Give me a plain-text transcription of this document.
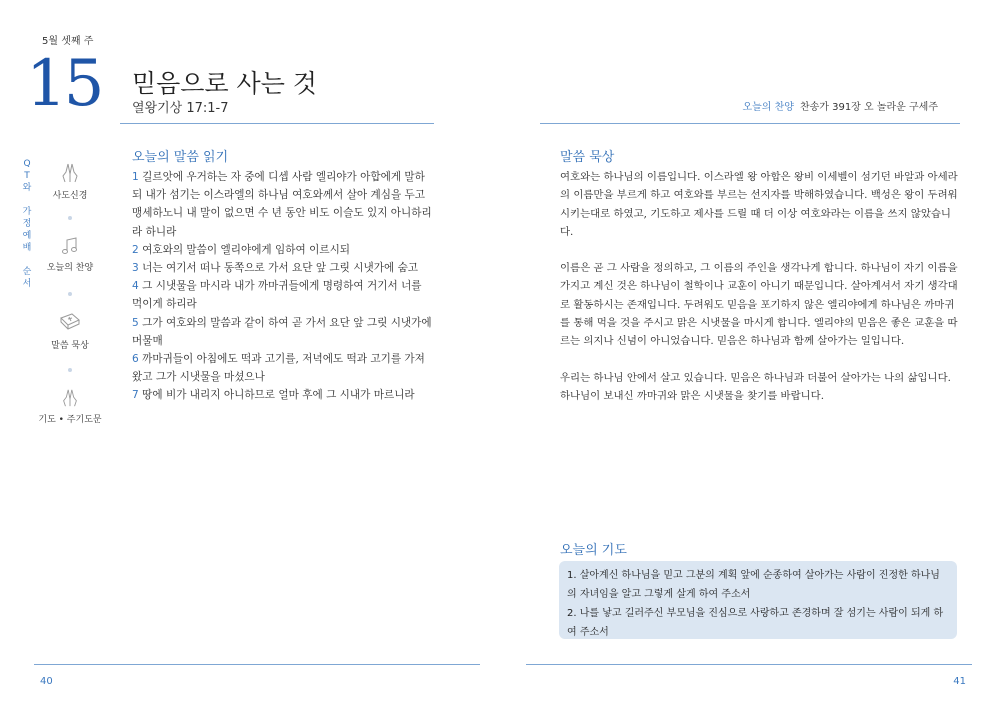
5월 셋째 주
15 믿음으로 사는 것
열왕기상 17:1-7	오늘의 찬양 찬송가 391장 오 놀라운 구세주
Q
T
와

가
정
예
배

순
서
사도신경
오늘의 찬양
말씀 묵상
기도 • 주기도문
오늘의 말씀 읽기
1 길르앗에 우거하는 자 중에 디셉 사람 엘리야가 아합에게 말하되 내가 섬기는 이스라엘의 하나님 여호와께서 살아 계심을 두고 맹세하노니 내 말이 없으면 수 년 동안 비도 이슬도 있지 아니하리라 하니라
2 여호와의 말씀이 엘리야에게 임하여 이르시되
3 너는 여기서 떠나 동쪽으로 가서 요단 앞 그릿 시냇가에 숨고
4 그 시냇물을 마시라 내가 까마귀들에게 명령하여 거기서 너를 먹이게 하리라
5 그가 여호와의 말씀과 같이 하여 곧 가서 요단 앞 그릿 시냇가에 머물매
6 까마귀들이 아침에도 떡과 고기를, 저녁에도 떡과 고기를 가져왔고 그가 시냇물을 마셨으나
7 땅에 비가 내리지 아니하므로 얼마 후에 그 시내가 마르니라
말씀 묵상

여호와는 하나님의 이름입니다. 이스라엘 왕 아합은 왕비 이세벨이 섬기던 바알과 아세라의 이름만을 부르게 하고 여호와를 부르는 선지자를 박해하였습니다. 백성은 왕이 두려워 시키는대로 하였고, 기도하고 제사를 드릴 때 더 이상 여호와라는 이름을 쓰지 않았습니다.

이름은 곧 그 사람을 정의하고, 그 이름의 주인을 생각나게 합니다. 하나님이 자기 이름을 가지고 계신 것은 하나님이 철학이나 교훈이 아니기 때문입니다. 살아계셔서 자기 생각대로 활동하시는 존재입니다. 두려워도 믿음을 포기하지 않은 엘리야에게 하나님은 까마귀를 통해 먹을 것을 주시고 맑은 시냇물을 마시게 합니다. 엘리야의 믿음은 좋은 교훈을 따르는 의지나 신념이 아니었습니다. 믿음은 하나님과 함께 살아가는 일입니다.

우리는 하나님 안에서 살고 있습니다. 믿음은 하나님과 더불어 살아가는 나의 삶입니다. 하나님이 보내신 까마귀와 맑은 시냇물을 찾기를 바랍니다.

오늘의 기도
1. 살아계신 하나님을 믿고 그분의 계획 앞에 순종하여 살아가는 사람이 진정한 하나님의 자녀임을 알고 그렇게 살게 하여 주소서
2. 나를 낳고 길러주신 부모님을 진심으로 사랑하고 존경하며 잘 섬기는 사람이 되게 하여 주소서
40	41
